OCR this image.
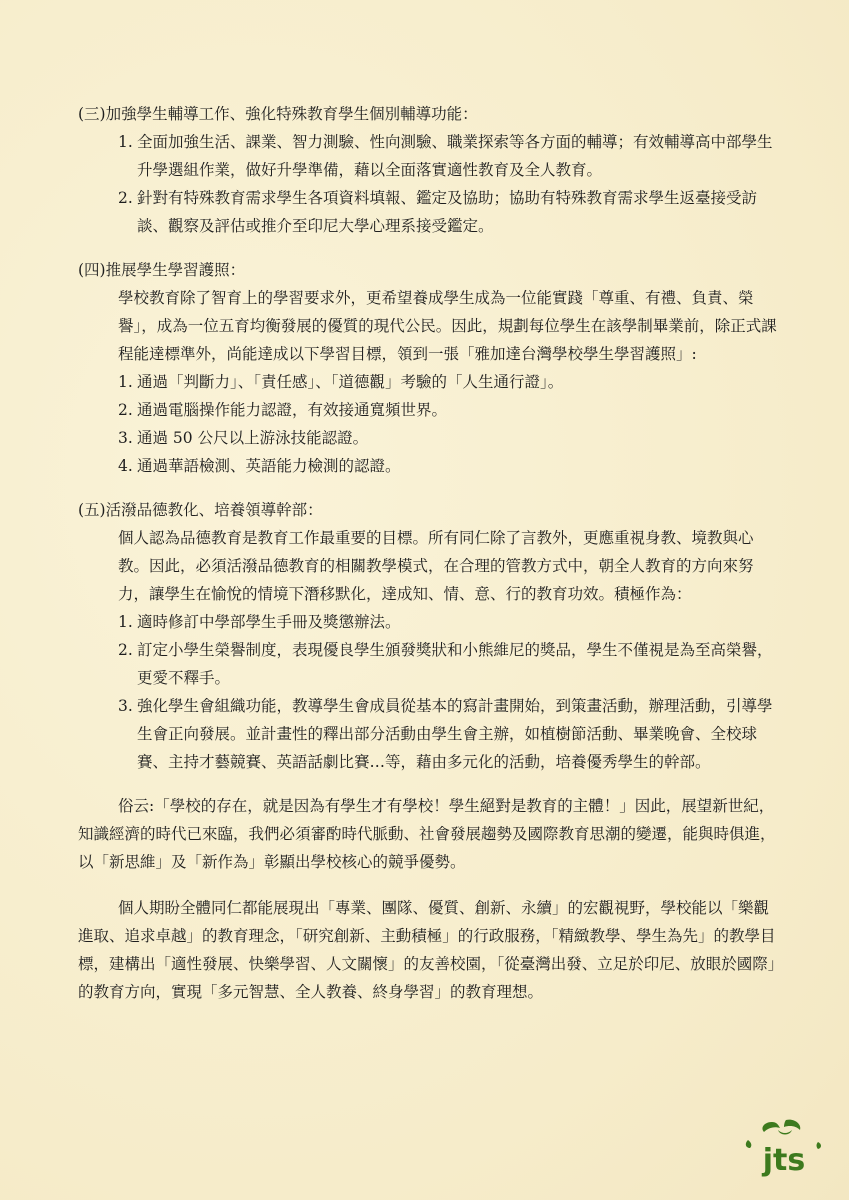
(三)加強學生輔導工作、強化特殊教育學生個別輔導功能：
1. 全面加強生活、課業、智力測驗、性向測驗、職業探索等各方面的輔導；有效輔導高中部學生升學選組作業，做好升學準備，藉以全面落實適性教育及全人教育。
2. 針對有特殊教育需求學生各項資料填報、鑑定及協助；協助有特殊教育需求學生返臺接受訪談、觀察及評估或推介至印尼大學心理系接受鑑定。
(四)推展學生學習護照：
學校教育除了智育上的學習要求外，更希望養成學生成為一位能實踐「尊重、有禮、負責、榮譽」，成為一位五育均衡發展的優質的現代公民。因此，規劃每位學生在該學制畢業前，除正式課程能達標準外，尚能達成以下學習目標，領到一張「雅加達台灣學校學生學習護照」:
1. 通過「判斷力」、「責任感」、「道德觀」考驗的「人生通行證」。
2. 通過電腦操作能力認證，有效接通寬頻世界。
3. 通過 50 公尺以上游泳技能認證。
4. 通過華語檢測、英語能力檢測的認證。
(五)活潑品德教化、培養領導幹部：
個人認為品德教育是教育工作最重要的目標。所有同仁除了言教外，更應重視身教、境教與心教。因此，必須活潑品德教育的相關教學模式，在合理的管教方式中，朝全人教育的方向來努力，讓學生在愉悅的情境下潛移默化，達成知、情、意、行的教育功效。積極作為：
1. 適時修訂中學部學生手冊及獎懲辦法。
2. 訂定小學生榮譽制度，表現優良學生頒發獎狀和小熊維尼的獎品，學生不僅視是為至高榮譽，更愛不釋手。
3. 強化學生會組織功能，教導學生會成員從基本的寫計畫開始，到策畫活動，辦理活動，引導學生會正向發展。並計畫性的釋出部分活動由學生會主辦，如植樹節活動、畢業晚會、全校球賽、主持才藝競賽、英語話劇比賽…等，藉由多元化的活動，培養優秀學生的幹部。

俗云:「學校的存在，就是因為有學生才有學校！學生絕對是教育的主體！」因此，展望新世紀，知識經濟的時代已來臨，我們必須審酌時代脈動、社會發展趨勢及國際教育思潮的變遷，能與時俱進，以「新思維」及「新作為」彰顯出學校核心的競爭優勢。

個人期盼全體同仁都能展現出「專業、團隊、優質、創新、永續」的宏觀視野，學校能以「樂觀進取、追求卓越」的教育理念，「研究創新、主動積極」的行政服務，「精緻教學、學生為先」的教學目標，建構出「適性發展、快樂學習、人文關懷」的友善校園，「從臺灣出發、立足於印尼、放眼於國際」的教育方向，實現「多元智慧、全人教養、終身學習」的教育理想。

jts
